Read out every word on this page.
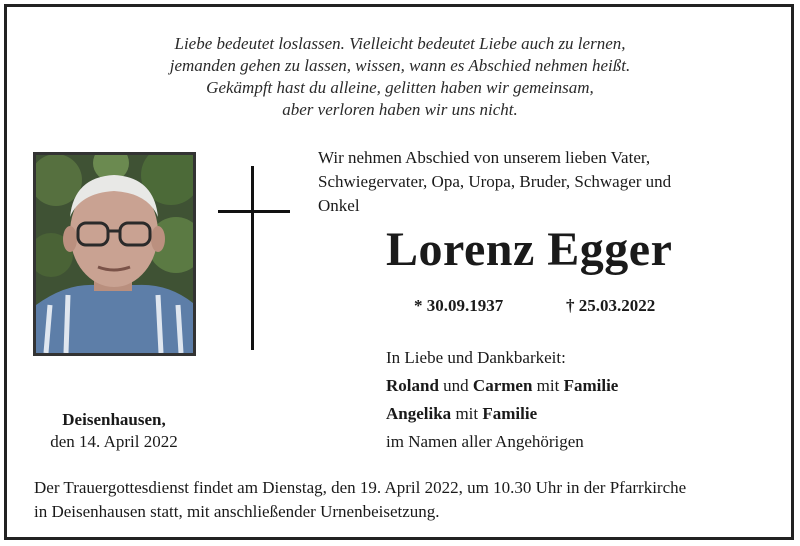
Liebe bedeutet loslassen. Vielleicht bedeutet Liebe auch zu lernen,
jemanden gehen zu lassen, wissen, wann es Abschied nehmen heißt.
Gekämpft hast du alleine, gelitten haben wir gemeinsam,
aber verloren haben wir uns nicht.
Wir nehmen Abschied von unserem lieben Vater,
Schwiegervater, Opa, Uropa, Bruder, Schwager und
Onkel
Lorenz Egger
* 30.09.1937	† 25.03.2022
In Liebe und Dankbarkeit:
Roland und Carmen mit Familie
Angelika mit Familie
im Namen aller Angehörigen
Deisenhausen,
den 14. April 2022
Der Trauergottesdienst findet am Dienstag, den 19. April 2022, um 10.30 Uhr in der Pfarrkirche
in Deisenhausen statt, mit anschließender Urnenbeisetzung.
